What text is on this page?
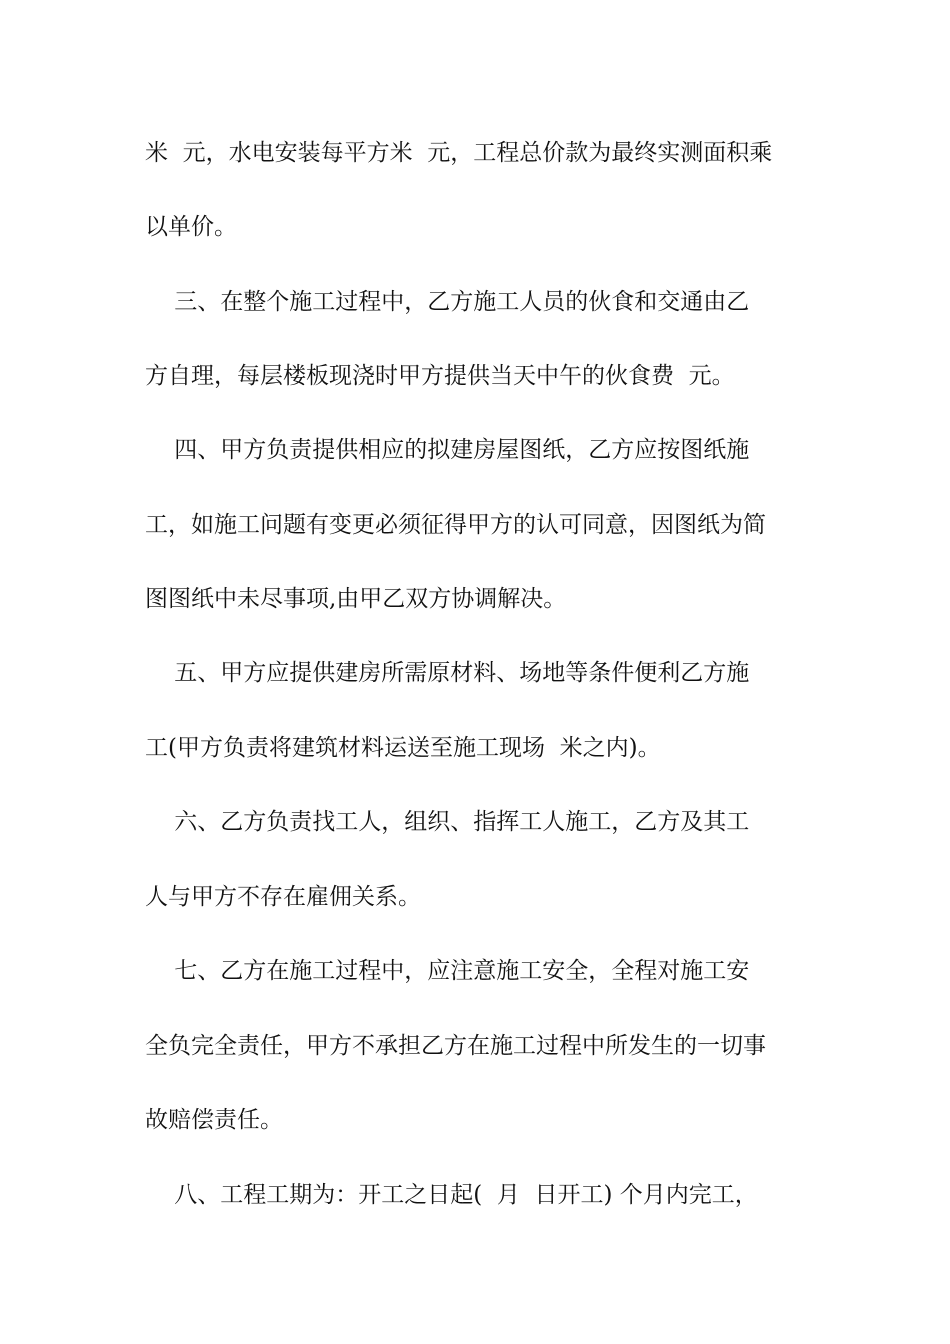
米  元，水电安装每平方米  元，工程总价款为最终实测面积乘
以单价。
三、在整个施工过程中，乙方施工人员的伙食和交通由乙
方自理，每层楼板现浇时甲方提供当天中午的伙食费  元。
四、甲方负责提供相应的拟建房屋图纸，乙方应按图纸施
工，如施工问题有变更必须征得甲方的认可同意，因图纸为简
图图纸中未尽事项,由甲乙双方协调解决。
五、甲方应提供建房所需原材料、场地等条件便利乙方施
工(甲方负责将建筑材料运送至施工现场  米之内)。
六、乙方负责找工人，组织、指挥工人施工，乙方及其工
人与甲方不存在雇佣关系。
七、乙方在施工过程中，应注意施工安全，全程对施工安
全负完全责任，甲方不承担乙方在施工过程中所发生的一切事
故赔偿责任。
八、工程工期为：开工之日起(  月  日开工) 个月内完工，
